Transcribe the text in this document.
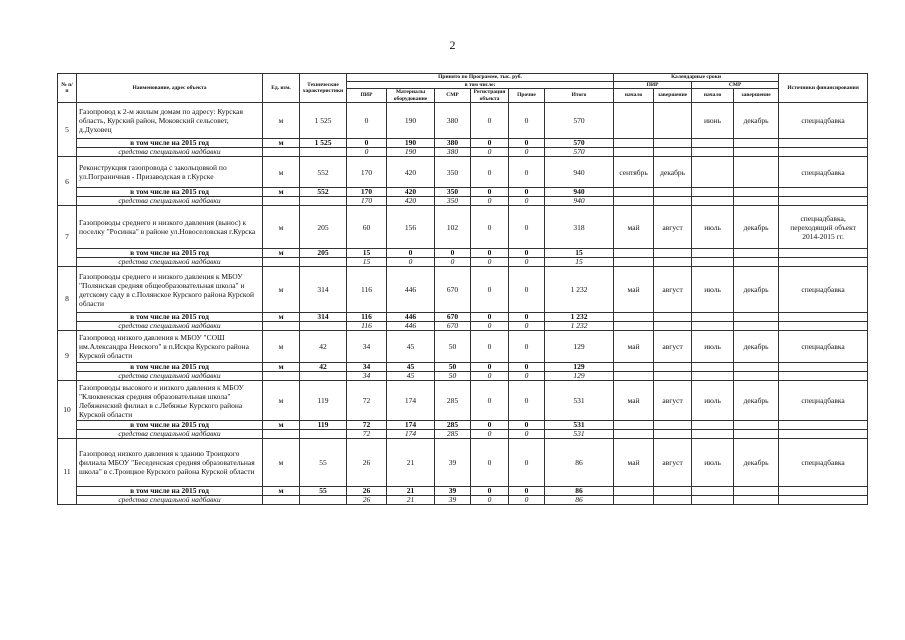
2
№ п/п	Наименование, адрес объекта	Ед. изм.	Технические характеристики	Принято по Программе, тыс. руб.						Календарные сроки				Источники финансирования
				в том числе:						ПИР		СМР		
				ПИР	Материалы оборудование	СМР	Регистрация объекта	Прочие	Итого	начало	завершение	начало	завершение	
5	Газопровод к 2-м жилым домам по адресу: Курская область, Курский район, Моковский сельсовет, д.Духовец	м	1 525	0	190	380	0	0	570			июнь	декабрь	спецнадбавка
	в том числе на 2015 год	м	1 525	0	190	380	0	0	570					
	средства специальной надбавки			0	190	380	0	0	570					
6	Реконструкция газопровода с закольцовкой по ул.Пограничная - Призаводская в г.Курске	м	552	170	420	350	0	0	940	сентябрь	декабрь			спецнадбавка
	в том числе на 2015 год	м	552	170	420	350	0	0	940					
	средства специальной надбавки			170	420	350	0	0	940					
7	Газопроводы среднего и низкого давления (вынос) к поселку "Росинка" в районе ул.Новоселовская г.Курска	м	205	60	156	102	0	0	318	май	август	июль	декабрь	спецнадбавка, переходящий объект 2014-2015 гг.
	в том числе на 2015 год	м	205	15	0	0	0	0	15					
	средства специальной надбавки			15	0	0	0	0	15					
8	Газопроводы среднего и низкого давления к МБОУ "Полянская средняя общеобразовательная школа" и детскому саду в с.Полянское Курского района Курской области	м	314	116	446	670	0	0	1 232	май	август	июль	декабрь	спецнадбавка
	в том числе на 2015 год	м	314	116	446	670	0	0	1 232					
	средства специальной надбавки			116	446	670	0	0	1 232					
9	Газопровод низкого давления к МБОУ "СОШ им.Александра Невского" в п.Искра Курского района Курской области	м	42	34	45	50	0	0	129	май	август	июль	декабрь	спецнадбавка
	в том числе на 2015 год	м	42	34	45	50	0	0	129					
	средства специальной надбавки			34	45	50	0	0	129					
10	Газопроводы высокого и низкого давления к МБОУ "Клюквенская средняя образовательная школа" Лебяженский филиал в с.Лебяжье Курского района Курской области	м	119	72	174	285	0	0	531	май	август	июль	декабрь	спецнадбавка
	в том числе на 2015 год	м	119	72	174	285	0	0	531					
	средства специальной надбавки			72	174	285	0	0	531					
11	Газопровод низкого давления к зданию Троицкого филиала МБОУ "Беседенская средняя образовательная школа" в с.Троицкое Курского района Курской области	м	55	26	21	39	0	0	86	май	август	июль	декабрь	спецнадбавка
	в том числе на 2015 год	м	55	26	21	39	0	0	86					
	средства специальной надбавки			26	21	39	0	0	86					
